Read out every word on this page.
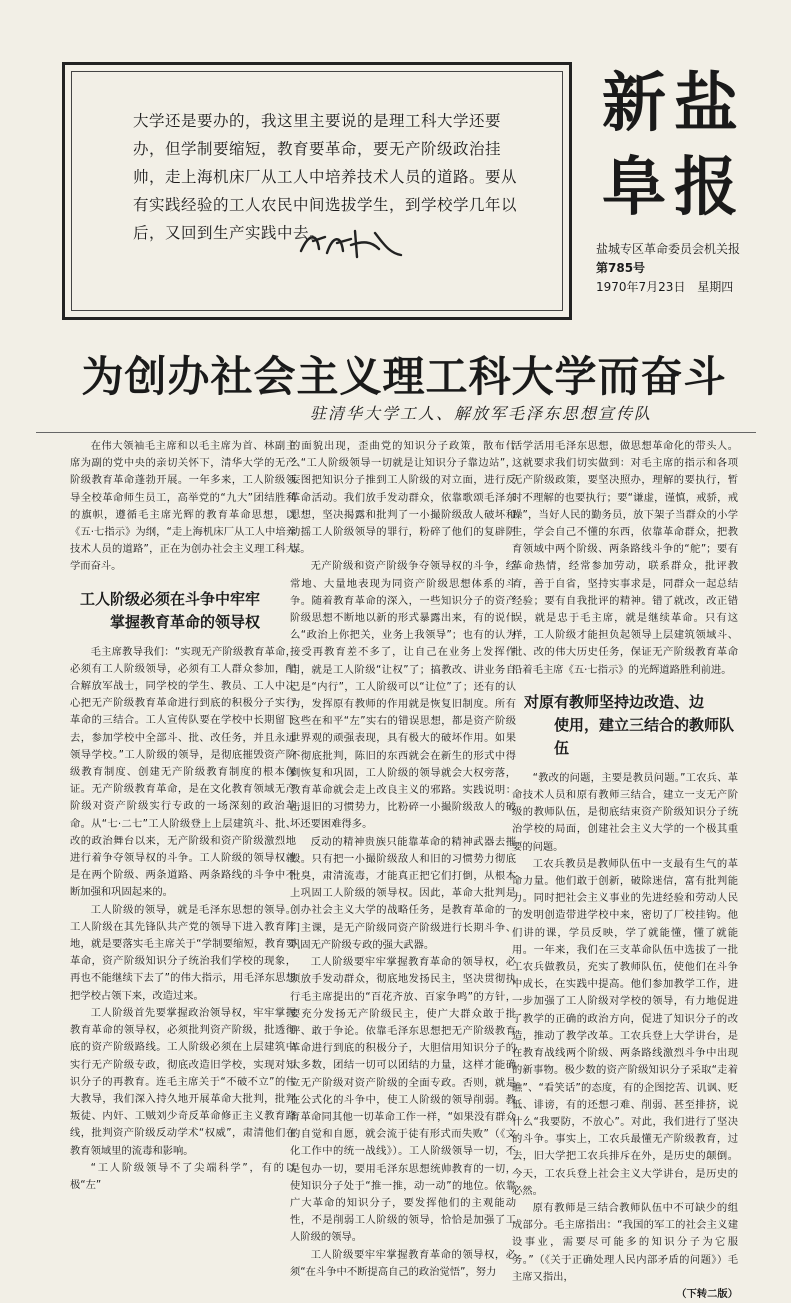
大学还是要办的，我这里主要说的是理工科大学还要办，但学制要缩短，教育要革命，要无产阶级政治挂帅，走上海机床厂从工人中培养技术人员的道路。要从有实践经验的工人农民中间选拔学生，到学校学几年以后，又回到生产实践中去。
新盐阜报
盐城专区革命委员会机关报
第785号
1970年7月23日 星期四
为创办社会主义理工科大学而奋斗
驻清华大学工人、解放军毛泽东思想宣传队

在伟大领袖毛主席和以毛主席为首、林副主席为副的党中央的亲切关怀下，清华大学的无产阶级教育革命蓬勃开展。一年多来，工人阶级领导全校革命师生员工，高举党的“九大”团结胜利的旗帜，遵循毛主席光辉的教育革命思想，以《五·七指示》为纲，“走上海机床厂从工人中培养技术人员的道路”，正在为创办社会主义理工科大学而奋斗。

工人阶级必须在斗争中牢牢
掌握教育革命的领导权

毛主席教导我们：“实现无产阶级教育革命，必须有工人阶级领导，必须有工人群众参加，配合解放军战士，同学校的学生、教员、工人中决心把无产阶级教育革命进行到底的积极分子实行革命的三结合。工人宣传队要在学校中长期留下去，参加学校中全部斗、批、改任务，并且永远领导学校。”工人阶级的领导，是彻底摧毁资产阶级教育制度、创建无产阶级教育制度的根本保证。无产阶级教育革命，是在文化教育领域无产阶级对资产阶级实行专政的一场深刻的政治革命。从“七·二七”工人阶级登上上层建筑斗、批、改的政治舞台以来，无产阶级和资产阶级激烈地进行着争夺领导权的斗争。工人阶级的领导权就是在两个阶级、两条道路、两条路线的斗争中不断加强和巩固起来的。

工人阶级的领导，就是毛泽东思想的领导。工人阶级在其先锋队共产党的领导下进入教育阵地，就是要落实毛主席关于“学制要缩短，教育要革命，资产阶级知识分子统治我们学校的现象，再也不能继续下去了”的伟大指示，用毛泽东思想把学校占领下来，改造过来。

工人阶级首先要掌握政治领导权，牢牢掌握教育革命的领导权，必须批判资产阶级，批透彻底的资产阶级路线。工人阶级必须在上层建筑中实行无产阶级专政，彻底改造旧学校，实现对知识分子的再教育。连毛主席关于“不破不立”的伟大教导，我们深入持久地开展革命大批判，批判叛徒、内奸、工贼刘少奇反革命修正主义教育路线，批判资产阶级反动学术“权威”，肃清他们在教育领域里的流毒和影响。

“工人阶级领导不了尖端科学”，有的以极“左”

的面貌出现，歪曲党的知识分子政策，散布什么“工人阶级领导一切就是让知识分子靠边站”，妄图把知识分子推到工人阶级的对立面，进行反革命活动。我们放手发动群众，依靠歌颂毛泽东思想，坚决揭露和批判了一小撮阶级敌人破坏和动摇工人阶级领导的罪行，粉碎了他们的复辟阴谋。

无产阶级和资产阶级争夺领导权的斗争，经常地、大量地表现为同资产阶级思想体系的斗争。随着教育革命的深入，一些知识分子的资产阶级思想不断地以新的形式暴露出来，有的说什么“政治上你把关，业务上我领导”；也有的认为接受再教育差不多了，让自己在业务上发挥作用，就是工人阶级“让权”了；搞教改、讲业务自己是“内行”，工人阶级可以“让位”了；还有的认为，发挥原有教师的作用就是恢复旧制度。所有这些在和平“左”实右的错误思想，都是资产阶级世界观的顽强表现，具有极大的破坏作用。如果不彻底批判，陈旧的东西就会在新生的形式中得到恢复和巩固，工人阶级的领导就会大权旁落，教育革命就会走上改良主义的邪路。实践说明：击退旧的习惯势力，比粉碎一小撮阶级敌人的破坏还要困难得多。

反动的精神贵族只能靠革命的精神武器去摧毁。只有把一小撮阶级敌人和旧的习惯势力彻底批臭，肃清流毒，才能真正把它们打倒，从根本上巩固工人阶级的领导权。因此，革命大批判是创办社会主义大学的战略任务，是教育革命的一门主课，是无产阶级同资产阶级进行长期斗争、巩固无产阶级专政的强大武器。

工人阶级要牢牢掌握教育革命的领导权，必须放手发动群众，彻底地发扬民主，坚决贯彻执行毛主席提出的“百花齐放、百家争鸣”的方针，要充分发扬无产阶级民主，使广大群众敢于批评、敢于争论。依靠毛泽东思想把无产阶级教育革命进行到底的积极分子，大胆信用知识分子的大多数，团结一切可以团结的力量，这样才能确立无产阶级对资产阶级的全面专政。否则，就是在公式化的斗争中，使工人阶级的领导削弱。教育革命同其他一切革命工作一样，“如果没有群众的自觉和自愿，就会流于徒有形式而失败”（《文化工作中的统一战线》）。工人阶级领导一切，不是包办一切，要用毛泽东思想统帅教育的一切，使知识分子处于“推一推，动一动”的地位。依靠广大革命的知识分子，要发挥他们的主观能动性，不是削弱工人阶级的领导，恰恰是加强了工人阶级的领导。

工人阶级要牢牢掌握教育革命的领导权，必须“在斗争中不断提高自己的政治觉悟”，努力

活学活用毛泽东思想，做思想革命化的带头人。这就要求我们切实做到：对毛主席的指示和各项无产阶级政策，要坚决照办，理解的要执行，暂时不理解的也要执行；要“谦虚，谨慎，戒骄，戒躁”，当好人民的勤务员，放下架子当群众的小学生，学会自己不懂的东西，依靠革命群众，把教育领域中两个阶级、两条路线斗争的“舵”；要有革命热情，经常参加劳动，联系群众，批评教育，善于自省，坚持实事求是，同群众一起总结经验；要有自我批评的精神。错了就改，改正错误，就是忠于毛主席，就是继续革命。只有这样，工人阶级才能担负起领导上层建筑领域斗、批、改的伟大历史任务，保证无产阶级教育革命沿着毛主席《五·七指示》的光辉道路胜利前进。

对原有教师坚持边改造、边
使用，建立三结合的教师队伍

“教改的问题，主要是教员问题。”工农兵、革命技术人员和原有教师三结合，建立一支无产阶级的教师队伍，是彻底结束资产阶级知识分子统治学校的局面，创建社会主义大学的一个极其重要的问题。

工农兵教员是教师队伍中一支最有生气的革命力量。他们敢于创新，破除迷信，富有批判能力。同时把社会主义事业的先进经验和劳动人民的发明创造带进学校中来，密切了厂校挂钩。他们讲的课，学员反映，学了就能懂，懂了就能用。一年来，我们在三支革命队伍中选拔了一批工农兵做教员，充实了教师队伍，使他们在斗争中成长，在实践中提高。他们参加教学工作，进一步加强了工人阶级对学校的领导，有力地促进了教学的正确的政治方向，促进了知识分子的改造，推动了教学改革。工农兵登上大学讲台，是在教育战线两个阶级、两条路线激烈斗争中出现的新事物。极少数的资产阶级知识分子采取“走着瞧”、“看笑话”的态度，有的企图挖苦、讥讽、贬低、诽谤，有的还想刁难、削弱、甚至排挤，说什么“我要防，不放心”。对此，我们进行了坚决的斗争。事实上，工农兵最懂无产阶级教育，过去，旧大学把工农兵排斥在外，是历史的颠倒。今天，工农兵登上社会主义大学讲台，是历史的必然。

原有教师是三结合教师队伍中不可缺少的组成部分。毛主席指出：“我国的军工的社会主义建设事业，需要尽可能多的知识分子为它服务。”（《关于正确处理人民内部矛盾的问题》）毛主席又指出，

（下转二版）
